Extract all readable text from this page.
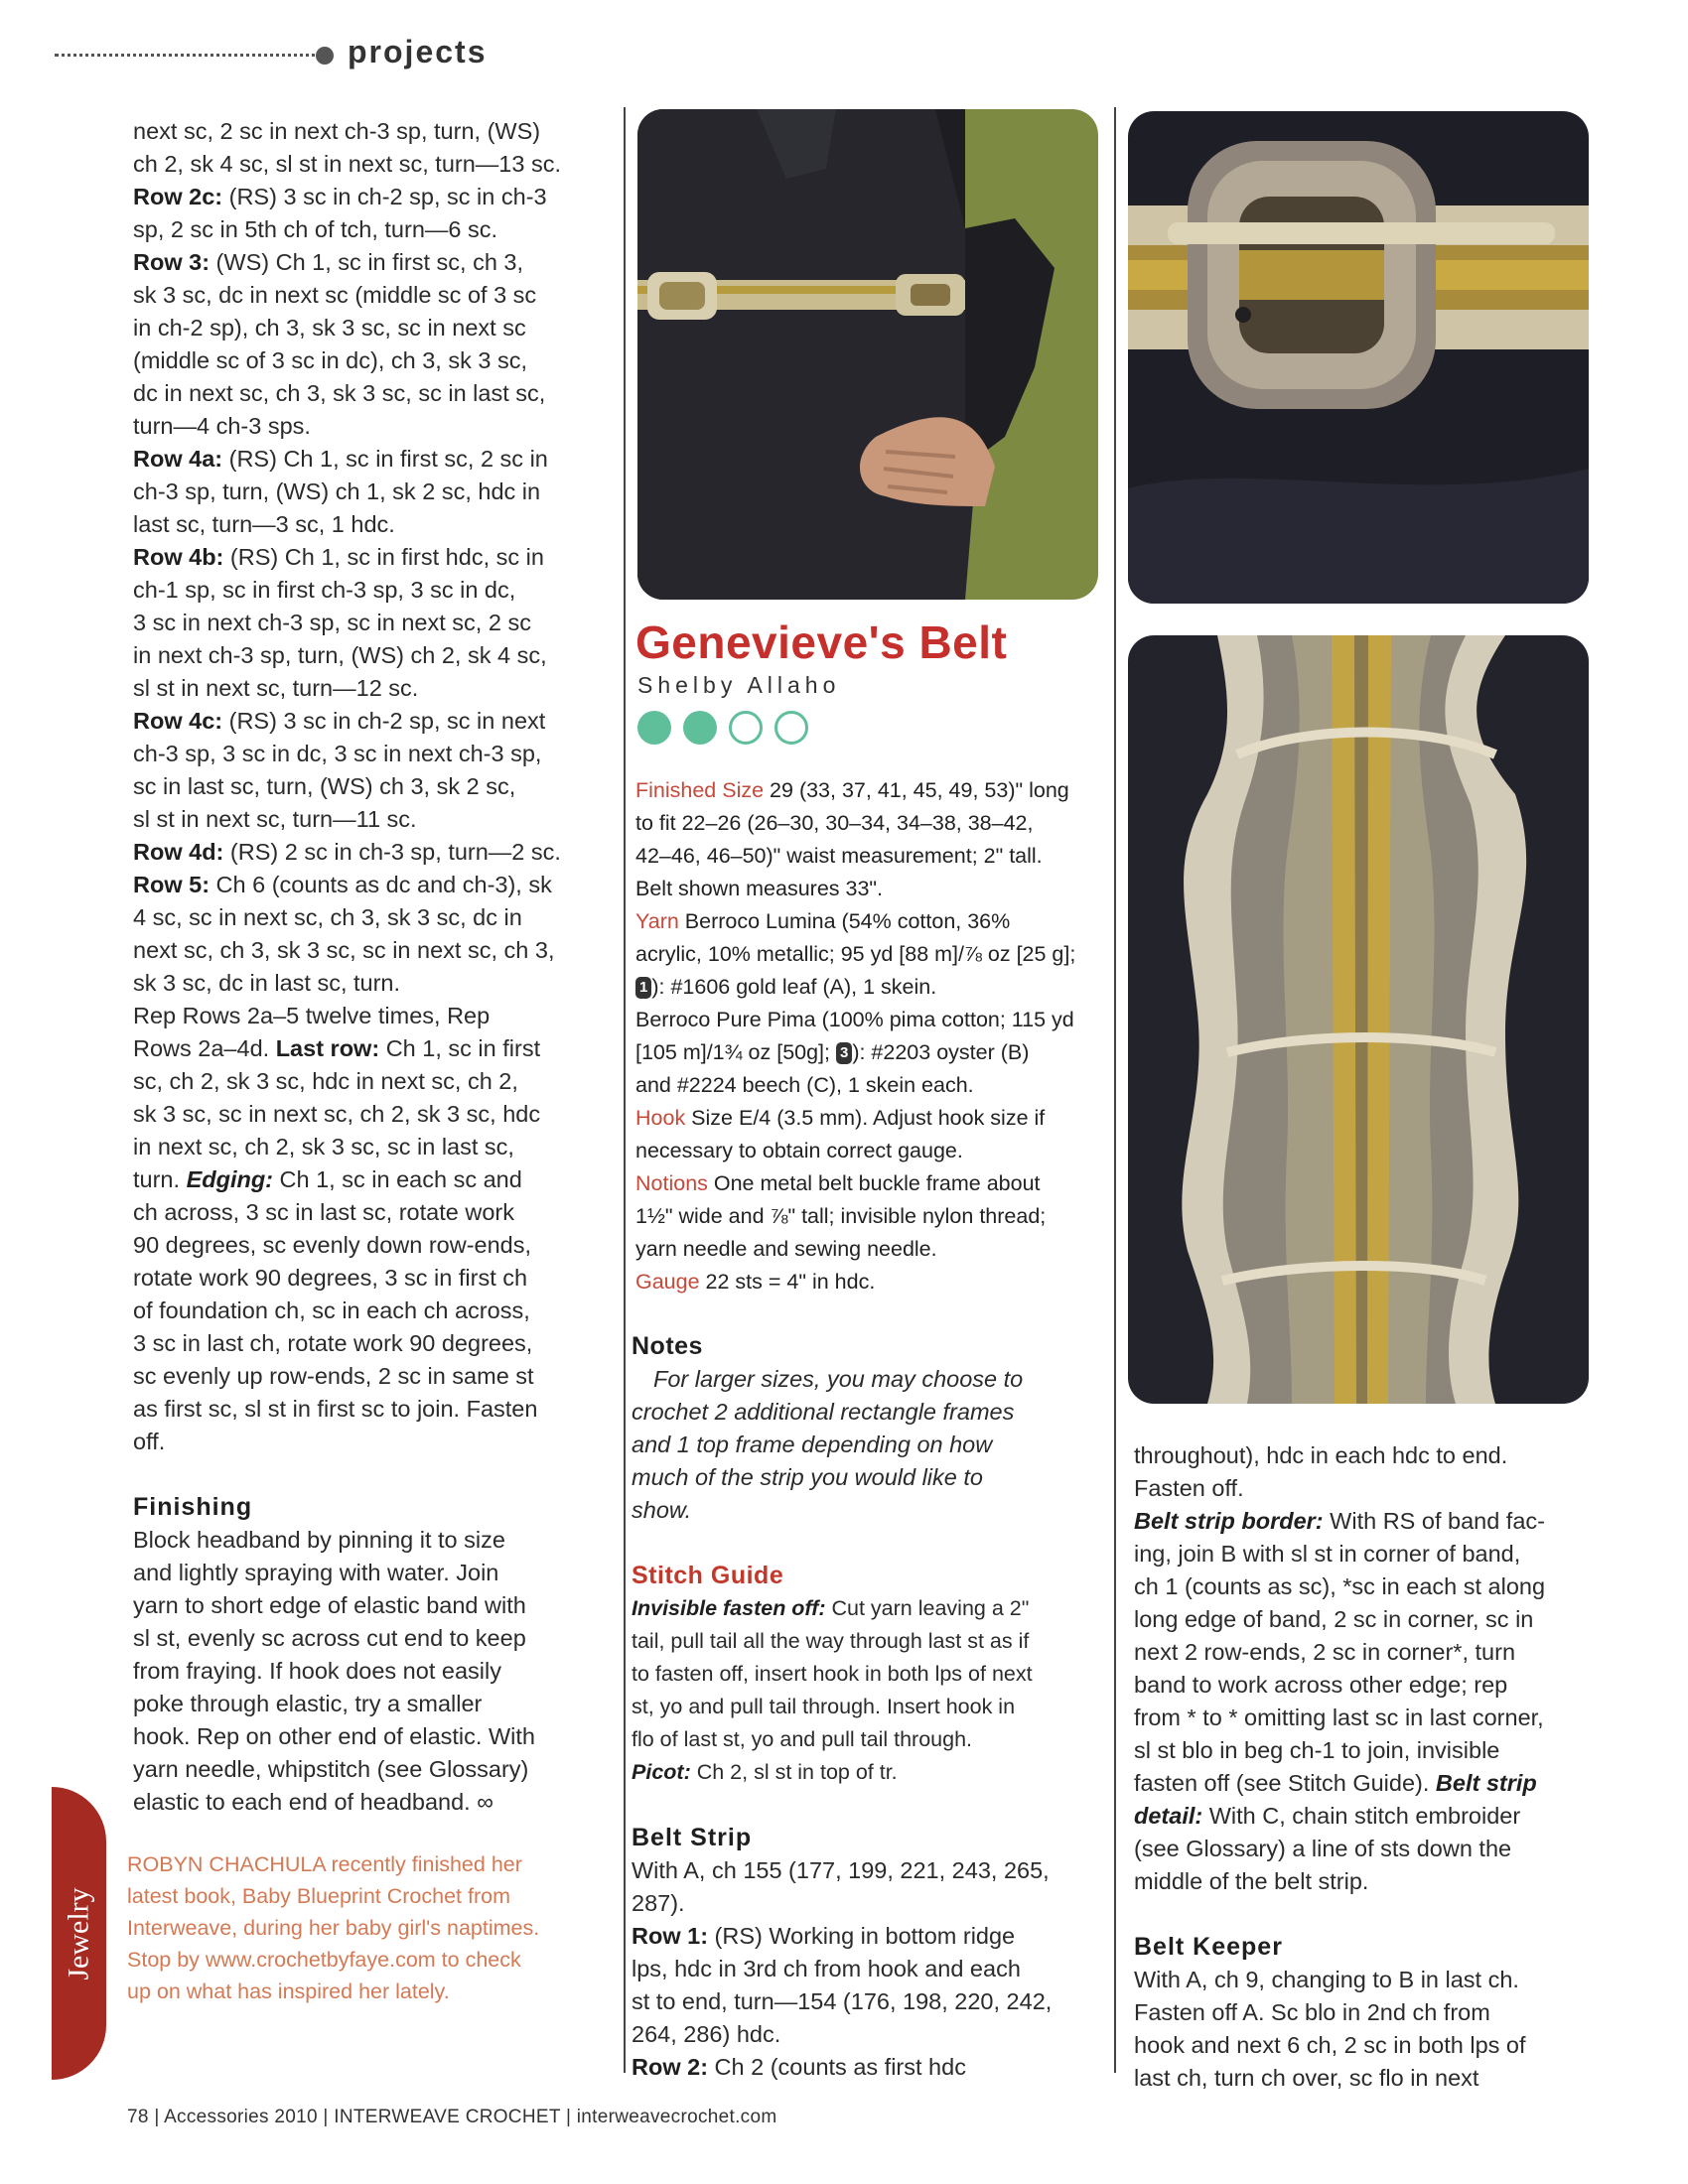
projects
next sc, 2 sc in next ch-3 sp, turn, (WS)
ch 2, sk 4 sc, sl st in next sc, turn—13 sc.
Row 2c: (RS) 3 sc in ch-2 sp, sc in ch-3
sp, 2 sc in 5th ch of tch, turn—6 sc.
Row 3: (WS) Ch 1, sc in first sc, ch 3,
sk 3 sc, dc in next sc (middle sc of 3 sc
in ch-2 sp), ch 3, sk 3 sc, sc in next sc
(middle sc of 3 sc in dc), ch 3, sk 3 sc,
dc in next sc, ch 3, sk 3 sc, sc in last sc,
turn—4 ch-3 sps.
Row 4a: (RS) Ch 1, sc in first sc, 2 sc in
ch-3 sp, turn, (WS) ch 1, sk 2 sc, hdc in
last sc, turn—3 sc, 1 hdc.
Row 4b: (RS) Ch 1, sc in first hdc, sc in
ch-1 sp, sc in first ch-3 sp, 3 sc in dc,
3 sc in next ch-3 sp, sc in next sc, 2 sc
in next ch-3 sp, turn, (WS) ch 2, sk 4 sc,
sl st in next sc, turn—12 sc.
Row 4c: (RS) 3 sc in ch-2 sp, sc in next
ch-3 sp, 3 sc in dc, 3 sc in next ch-3 sp,
sc in last sc, turn, (WS) ch 3, sk 2 sc,
sl st in next sc, turn—11 sc.
Row 4d: (RS) 2 sc in ch-3 sp, turn—2 sc.
Row 5: Ch 6 (counts as dc and ch-3), sk
4 sc, sc in next sc, ch 3, sk 3 sc, dc in
next sc, ch 3, sk 3 sc, sc in next sc, ch 3,
sk 3 sc, dc in last sc, turn.
Rep Rows 2a–5 twelve times, Rep
Rows 2a–4d. Last row: Ch 1, sc in first
sc, ch 2, sk 3 sc, hdc in next sc, ch 2,
sk 3 sc, sc in next sc, ch 2, sk 3 sc, hdc
in next sc, ch 2, sk 3 sc, sc in last sc,
turn. Edging: Ch 1, sc in each sc and
ch across, 3 sc in last sc, rotate work
90 degrees, sc evenly down row-ends,
rotate work 90 degrees, 3 sc in first ch
of foundation ch, sc in each ch across,
3 sc in last ch, rotate work 90 degrees,
sc evenly up row-ends, 2 sc in same st
as first sc, sl st in first sc to join. Fasten
off.
Finishing
Block headband by pinning it to size
and lightly spraying with water. Join
yarn to short edge of elastic band with
sl st, evenly sc across cut end to keep
from fraying. If hook does not easily
poke through elastic, try a smaller
hook. Rep on other end of elastic. With
yarn needle, whipstitch (see Glossary)
elastic to each end of headband. ∞
ROBYN CHACHULA recently finished her
latest book, Baby Blueprint Crochet from
Interweave, during her baby girl's naptimes.
Stop by www.crochetbyfaye.com to check
up on what has inspired her lately.
Jewelry
Genevieve's Belt
Shelby Allaho
Finished Size 29 (33, 37, 41, 45, 49, 53)" long
to fit 22–26 (26–30, 30–34, 34–38, 38–42,
42–46, 46–50)" waist measurement; 2" tall.
Belt shown measures 33".
Yarn Berroco Lumina (54% cotton, 36%
acrylic, 10% metallic; 95 yd [88 m]/⅞ oz [25 g];
1 ): #1606 gold leaf (A), 1 skein.
Berroco Pure Pima (100% pima cotton; 115 yd
[105 m]/1¾ oz [50g]; 3 ): #2203 oyster (B)
and #2224 beech (C), 1 skein each.
Hook Size E/4 (3.5 mm). Adjust hook size if
necessary to obtain correct gauge.
Notions One metal belt buckle frame about
1½" wide and ⅞" tall; invisible nylon thread;
yarn needle and sewing needle.
Gauge 22 sts = 4" in hdc.
Notes
For larger sizes, you may choose to
crochet 2 additional rectangle frames
and 1 top frame depending on how
much of the strip you would like to
show.
Stitch Guide
Invisible fasten off: Cut yarn leaving a 2"
tail, pull tail all the way through last st as if
to fasten off, insert hook in both lps of next
st, yo and pull tail through. Insert hook in
flo of last st, yo and pull tail through.
Picot: Ch 2, sl st in top of tr.
Belt Strip
With A, ch 155 (177, 199, 221, 243, 265,
287).
Row 1: (RS) Working in bottom ridge
lps, hdc in 3rd ch from hook and each
st to end, turn—154 (176, 198, 220, 242,
264, 286) hdc.
Row 2: Ch 2 (counts as first hdc
throughout), hdc in each hdc to end.
Fasten off.
Belt strip border: With RS of band fac-
ing, join B with sl st in corner of band,
ch 1 (counts as sc), *sc in each st along
long edge of band, 2 sc in corner, sc in
next 2 row-ends, 2 sc in corner*, turn
band to work across other edge; rep
from * to * omitting last sc in last corner,
sl st blo in beg ch-1 to join, invisible
fasten off (see Stitch Guide). Belt strip
detail: With C, chain stitch embroider
(see Glossary) a line of sts down the
middle of the belt strip.
Belt Keeper
With A, ch 9, changing to B in last ch.
Fasten off A. Sc blo in 2nd ch from
hook and next 6 ch, 2 sc in both lps of
last ch, turn ch over, sc flo in next
78 | Accessories 2010 | INTERWEAVE CROCHET | interweavecrochet.com
